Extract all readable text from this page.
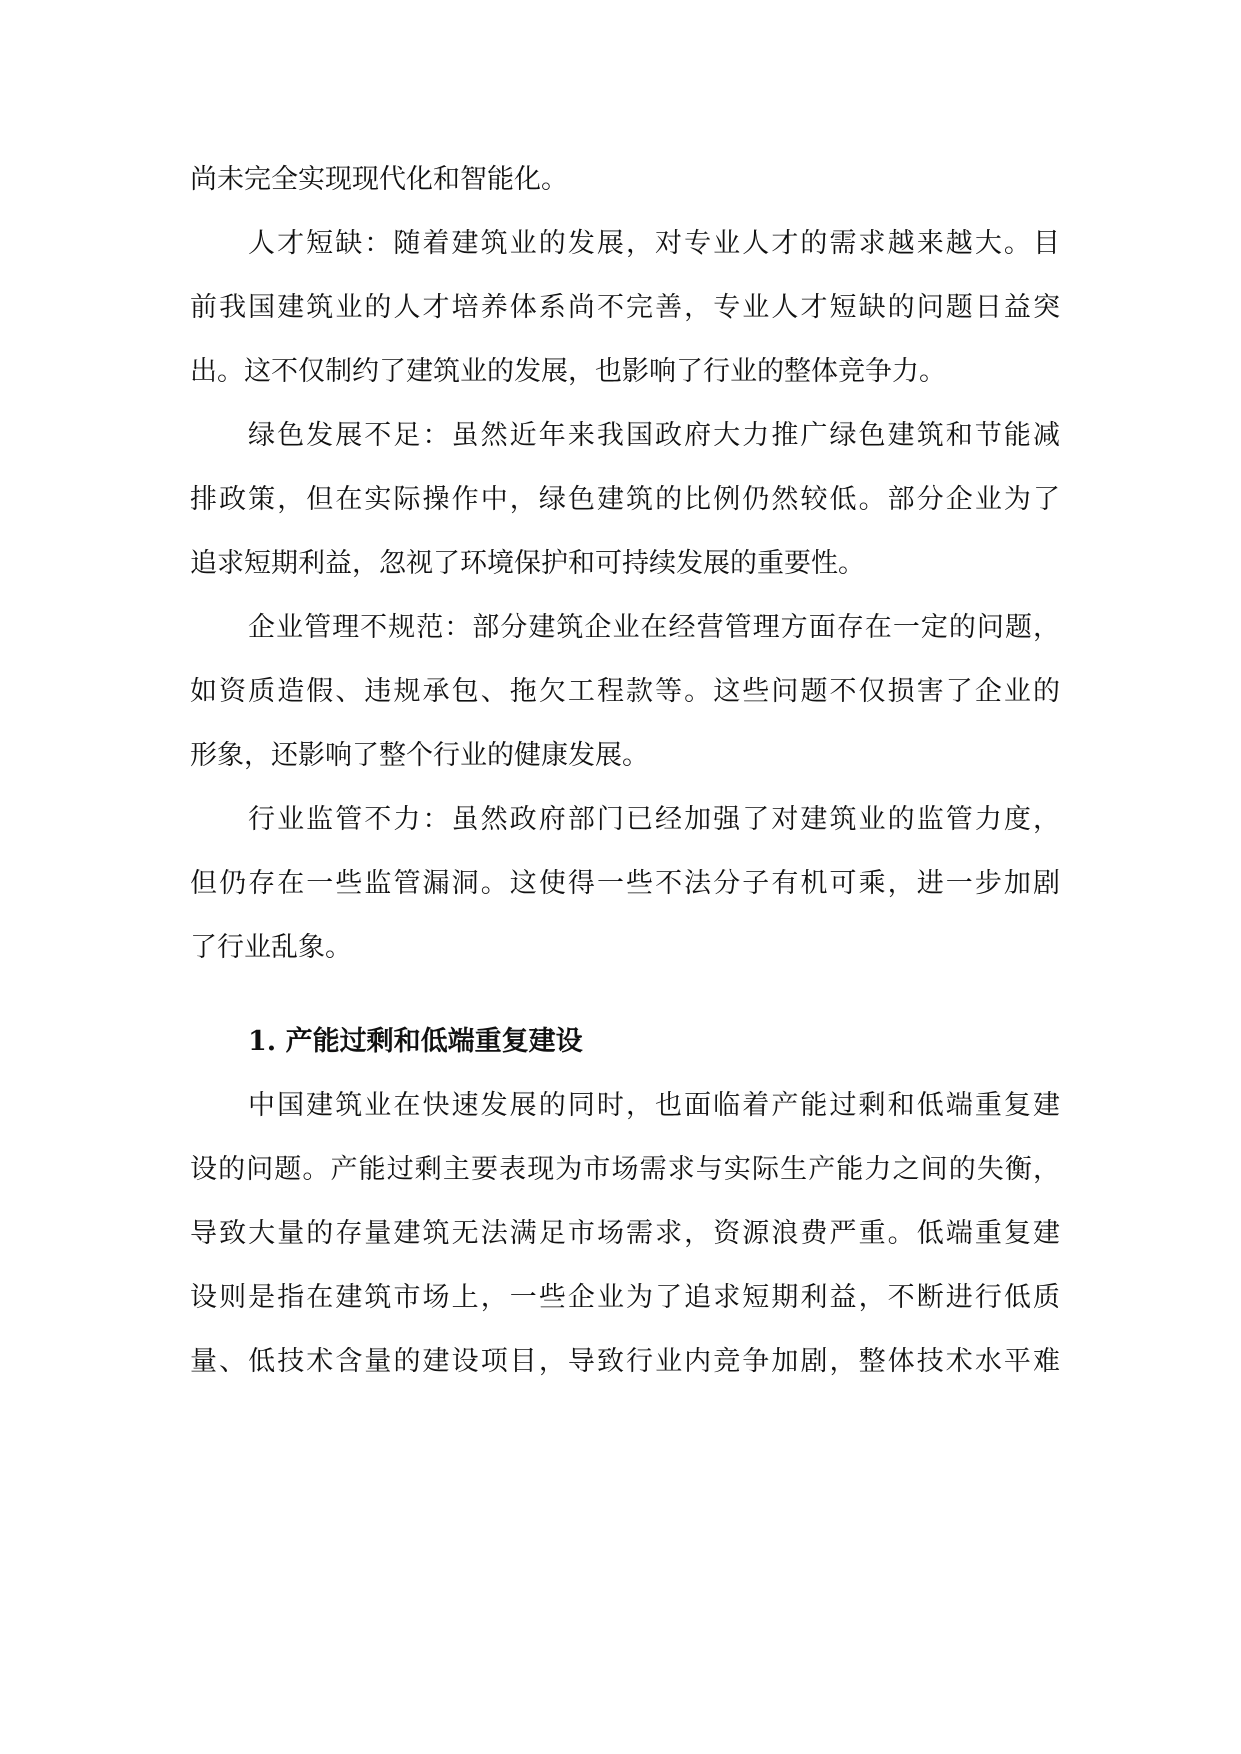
尚未完全实现现代化和智能化。
人才短缺：随着建筑业的发展，对专业人才的需求越来越大。目
前我国建筑业的人才培养体系尚不完善，专业人才短缺的问题日益突
出。这不仅制约了建筑业的发展，也影响了行业的整体竞争力。
绿色发展不足：虽然近年来我国政府大力推广绿色建筑和节能减
排政策，但在实际操作中，绿色建筑的比例仍然较低。部分企业为了
追求短期利益，忽视了环境保护和可持续发展的重要性。
企业管理不规范：部分建筑企业在经营管理方面存在一定的问题，
如资质造假、违规承包、拖欠工程款等。这些问题不仅损害了企业的
形象，还影响了整个行业的健康发展。
行业监管不力：虽然政府部门已经加强了对建筑业的监管力度，
但仍存在一些监管漏洞。这使得一些不法分子有机可乘，进一步加剧
了行业乱象。
1. 产能过剩和低端重复建设
中国建筑业在快速发展的同时，也面临着产能过剩和低端重复建
设的问题。产能过剩主要表现为市场需求与实际生产能力之间的失衡，
导致大量的存量建筑无法满足市场需求，资源浪费严重。低端重复建
设则是指在建筑市场上，一些企业为了追求短期利益，不断进行低质
量、低技术含量的建设项目，导致行业内竞争加剧，整体技术水平难
